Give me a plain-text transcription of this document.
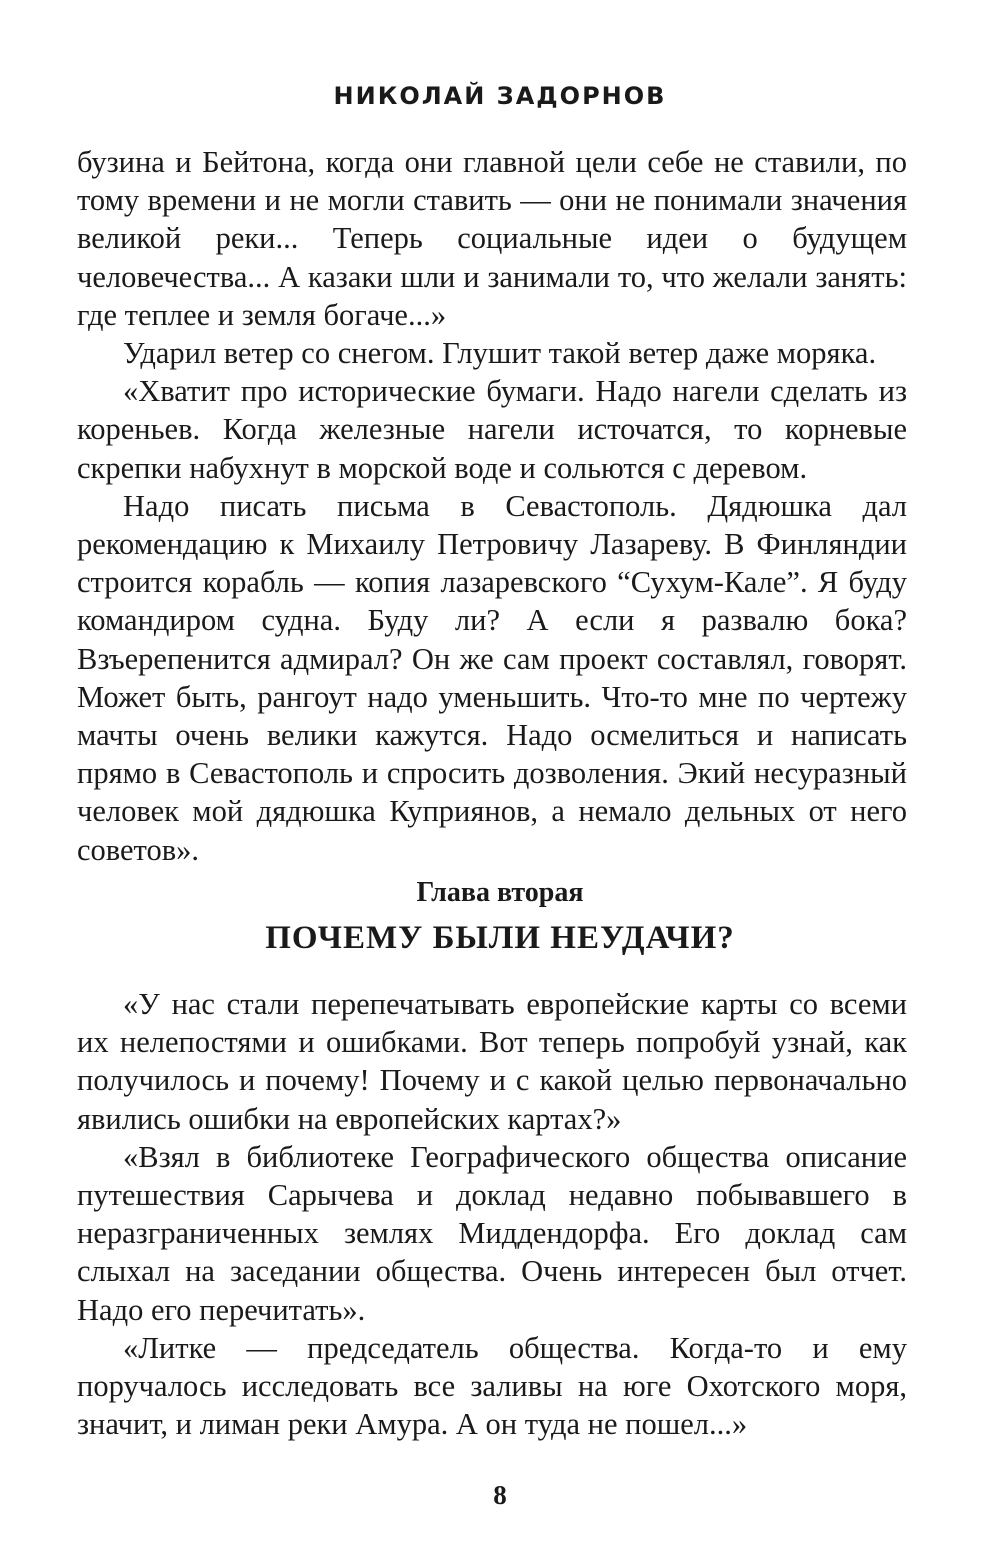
НИКОЛАЙ ЗАДОРНОВ

бузина и Бейтона, когда они главной цели себе не ставили, по тому времени и не могли ставить — они не понимали значения великой реки... Теперь социальные идеи о будущем человечества... А казаки шли и занимали то, что желали занять: где теплее и земля богаче...»

Ударил ветер со снегом. Глушит такой ветер даже моряка.

«Хватит про исторические бумаги. Надо нагели сделать из кореньев. Когда железные нагели источатся, то корневые скрепки набухнут в морской воде и сольются с деревом.

Надо писать письма в Севастополь. Дядюшка дал рекомендацию к Михаилу Петровичу Лазареву. В Финляндии строится корабль — копия лазаревского “Сухум-Кале”. Я буду командиром судна. Буду ли? А если я развалю бока? Взъерепенится адмирал? Он же сам проект составлял, говорят. Может быть, рангоут надо уменьшить. Что-то мне по чертежу мачты очень велики кажутся. Надо осмелиться и написать прямо в Севастополь и спросить дозволения. Экий несуразный человек мой дядюшка Куприянов, а немало дельных от него советов».

Глава вторая
ПОЧЕМУ БЫЛИ НЕУДАЧИ?

«У нас стали перепечатывать европейские карты со всеми их нелепостями и ошибками. Вот теперь попробуй узнай, как получилось и почему! Почему и с какой целью первоначально явились ошибки на европейских картах?»

«Взял в библиотеке Географического общества описание путешествия Сарычева и доклад недавно побывавшего в неразграниченных землях Миддендорфа. Его доклад сам слыхал на заседании общества. Очень интересен был отчет. Надо его перечитать».

«Литке — председатель общества. Когда-то и ему поручалось исследовать все заливы на юге Охотского моря, значит, и лиман реки Амура. А он туда не пошел...»

8
